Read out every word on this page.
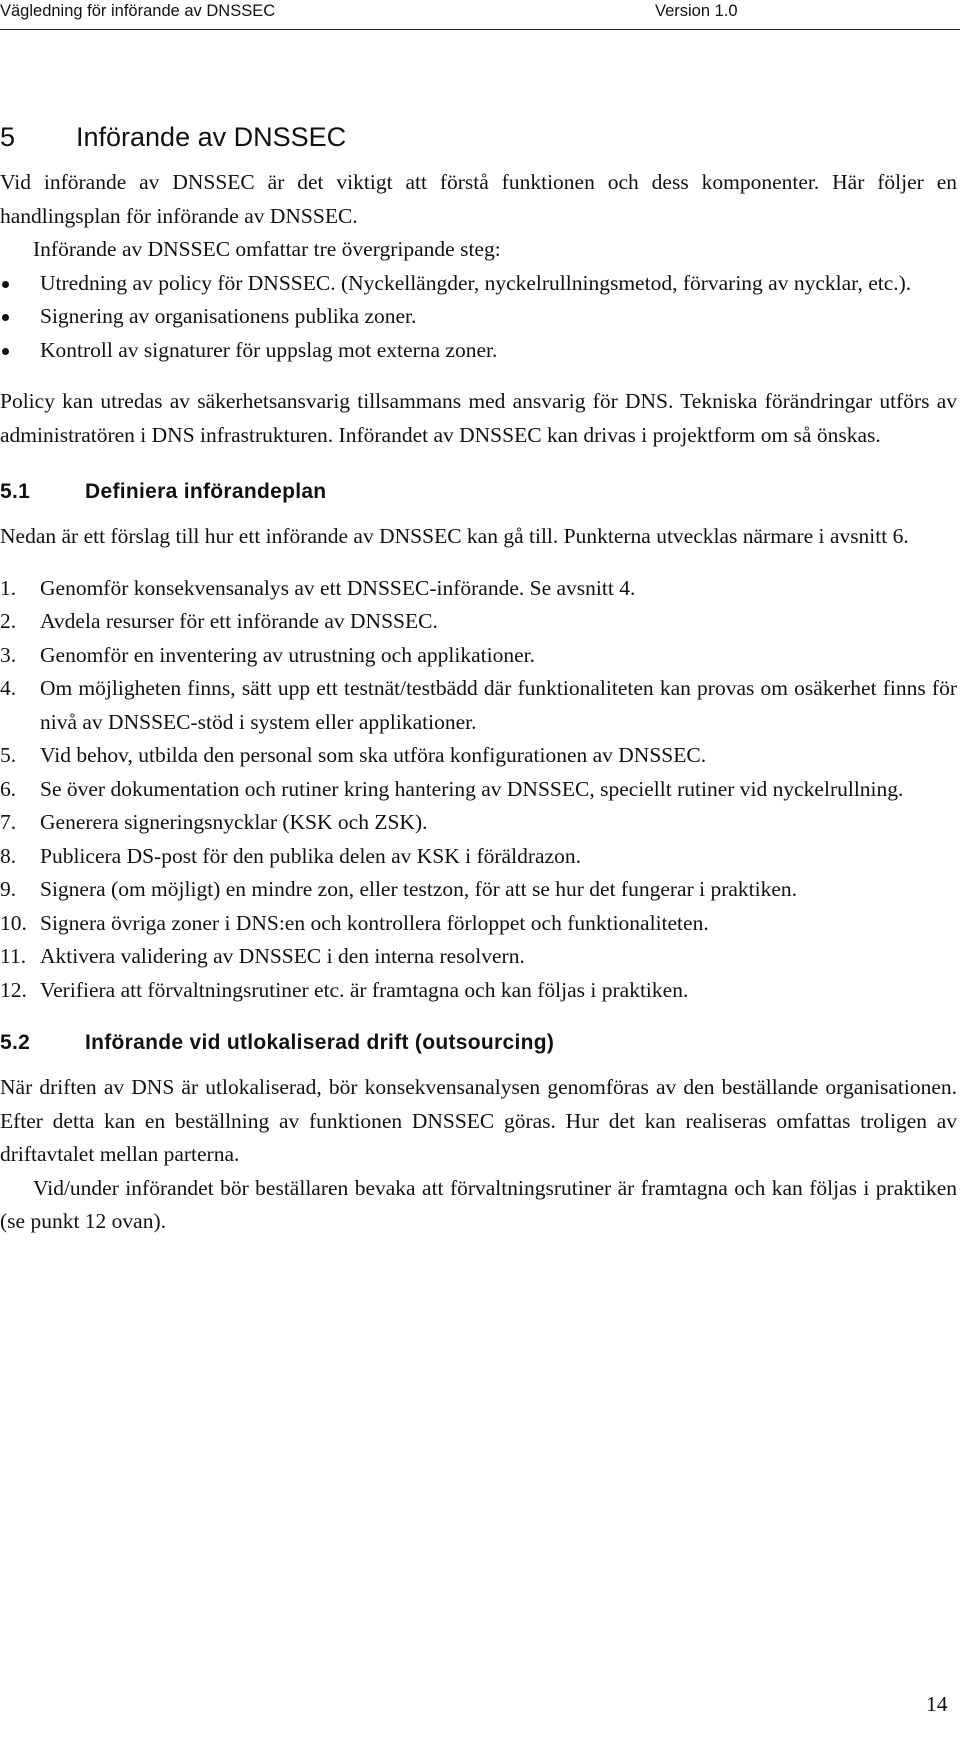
Vägledning för införande av DNSSEC	Version 1.0
5 Införande av DNSSEC

Vid införande av DNSSEC är det viktigt att förstå funktionen och dess komponenter. Här följer en handlingsplan för införande av DNSSEC.

Införande av DNSSEC omfattar tre övergripande steg:

Utredning av policy för DNSSEC. (Nyckellängder, nyckelrullningsmetod, förvaring av nycklar, etc.).
Signering av organisationens publika zoner.
Kontroll av signaturer för uppslag mot externa zoner.

Policy kan utredas av säkerhetsansvarig tillsammans med ansvarig för DNS. Tekniska förändringar utförs av administratören i DNS infrastrukturen. Införandet av DNSSEC kan drivas i projektform om så önskas.

5.1	Definiera införandeplan

Nedan är ett förslag till hur ett införande av DNSSEC kan gå till. Punkterna utvecklas närmare i avsnitt 6.

1. Genomför konsekvensanalys av ett DNSSEC-införande. Se avsnitt 4.
2. Avdela resurser för ett införande av DNSSEC.
3. Genomför en inventering av utrustning och applikationer.
4. Om möjligheten finns, sätt upp ett testnät/testbädd där funktionaliteten kan provas om osäkerhet finns för nivå av DNSSEC-stöd i system eller applikationer.
5. Vid behov, utbilda den personal som ska utföra konfigurationen av DNSSEC.
6. Se över dokumentation och rutiner kring hantering av DNSSEC, speciellt rutiner vid nyckelrullning.
7. Generera signeringsnycklar (KSK och ZSK).
8. Publicera DS-post för den publika delen av KSK i föräldrazon.
9. Signera (om möjligt) en mindre zon, eller testzon, för att se hur det fungerar i praktiken.
10. Signera övriga zoner i DNS:en och kontrollera förloppet och funktionaliteten.
11. Aktivera validering av DNSSEC i den interna resolvern.
12. Verifiera att förvaltningsrutiner etc. är framtagna och kan följas i praktiken.
5.2	Införande vid utlokaliserad drift (outsourcing)

När driften av DNS är utlokaliserad, bör konsekvensanalysen genomföras av den beställande organisationen. Efter detta kan en beställning av funktionen DNSSEC göras. Hur det kan realiseras omfattas troligen av driftavtalet mellan parterna.

Vid/under införandet bör beställaren bevaka att förvaltningsrutiner är framtagna och kan följas i praktiken (se punkt 12 ovan).

14
